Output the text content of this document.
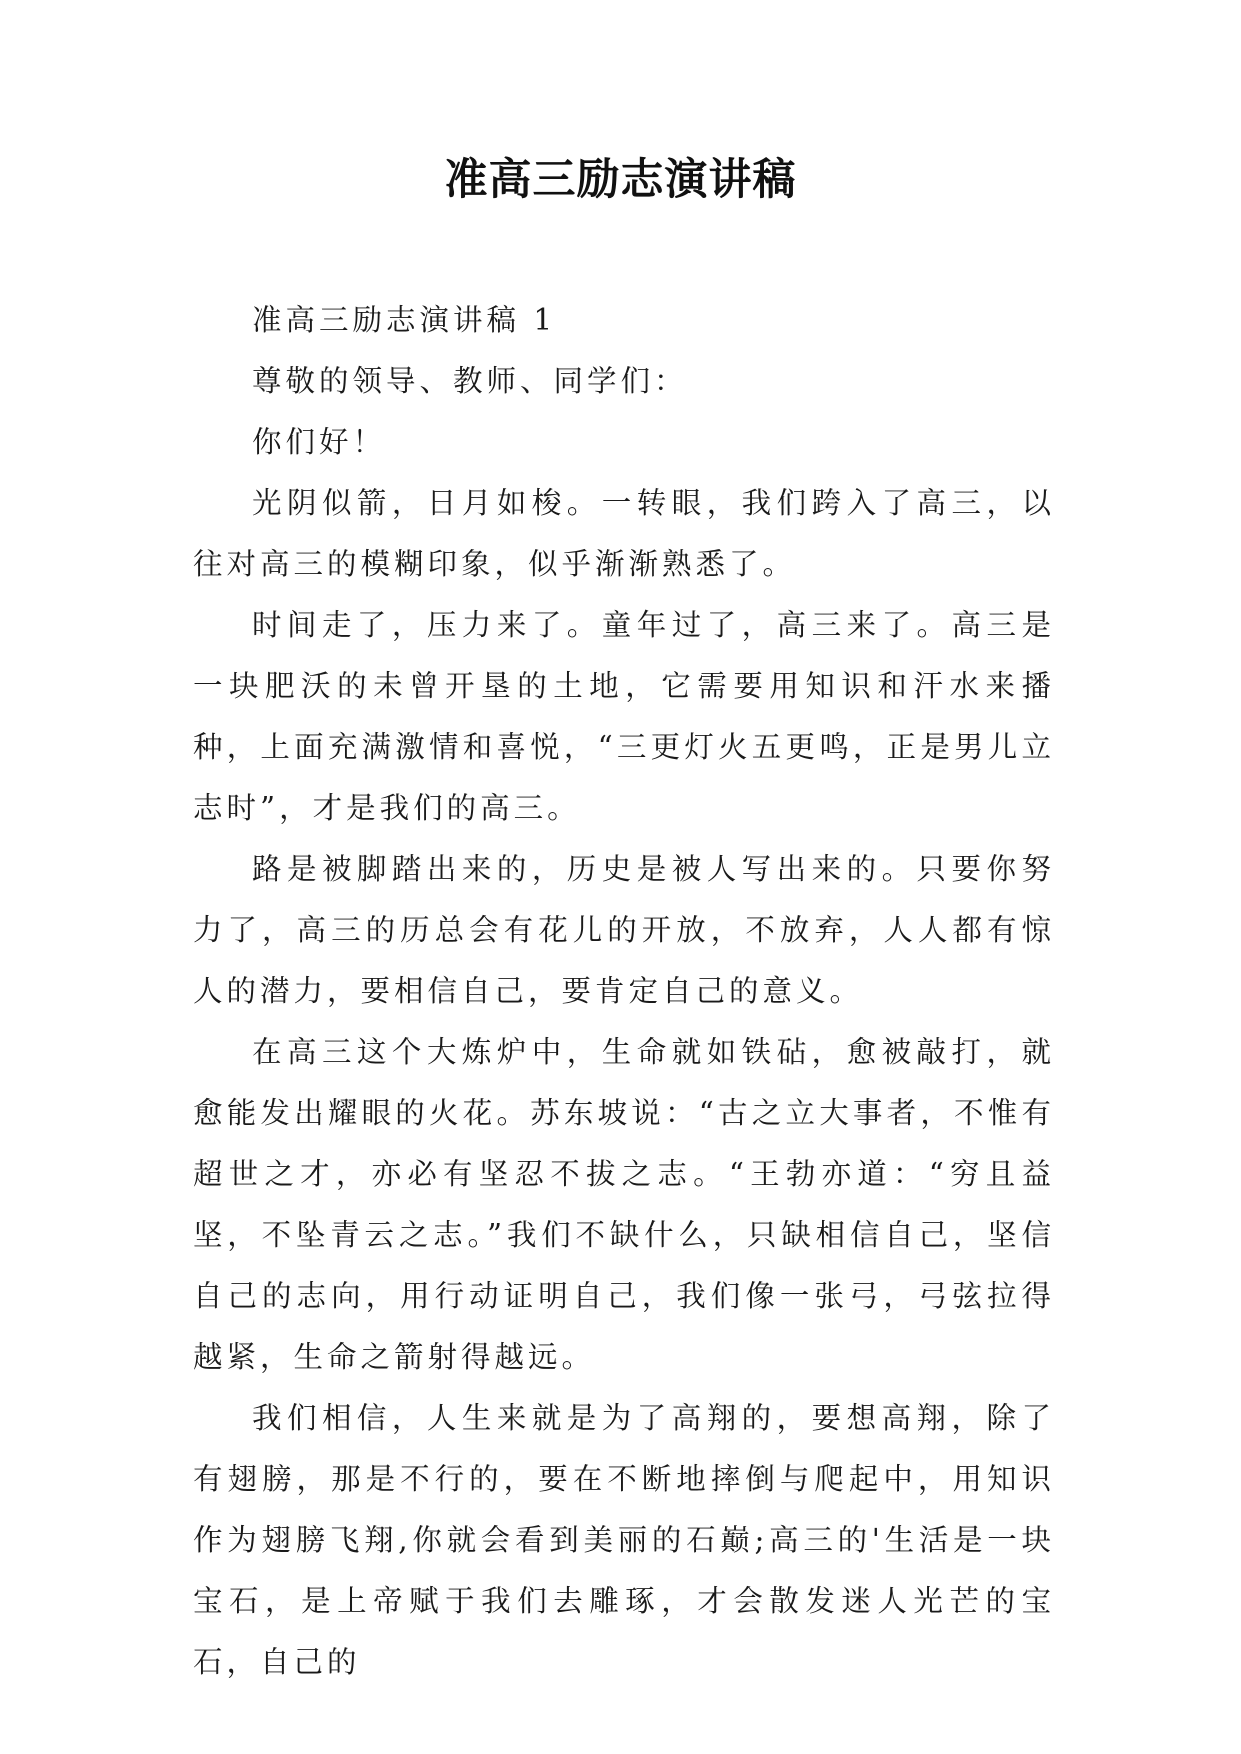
准高三励志演讲稿

准高三励志演讲稿 1

尊敬的领导、教师、同学们：

你们好！

光阴似箭，日月如梭。一转眼，我们跨入了高三，以往对高三的模糊印象，似乎渐渐熟悉了。

时间走了，压力来了。童年过了，高三来了。高三是一块肥沃的未曾开垦的土地，它需要用知识和汗水来播种，上面充满激情和喜悦，“三更灯火五更鸣，正是男儿立志时”，才是我们的高三。

路是被脚踏出来的，历史是被人写出来的。只要你努力了，高三的历总会有花儿的开放，不放弃，人人都有惊人的潜力，要相信自己，要肯定自己的意义。

在高三这个大炼炉中，生命就如铁砧，愈被敲打，就愈能发出耀眼的火花。苏东坡说：“古之立大事者，不惟有超世之才，亦必有坚忍不拔之志。“王勃亦道：“穷且益坚，不坠青云之志。”我们不缺什么，只缺相信自己，坚信自己的志向，用行动证明自己，我们像一张弓，弓弦拉得越紧，生命之箭射得越远。

我们相信，人生来就是为了高翔的，要想高翔，除了有翅膀，那是不行的，要在不断地摔倒与爬起中，用知识作为翅膀飞翔,你就会看到美丽的石巅;高三的'生活是一块宝石，是上帝赋于我们去雕琢，才会散发迷人光芒的宝石，自己的
